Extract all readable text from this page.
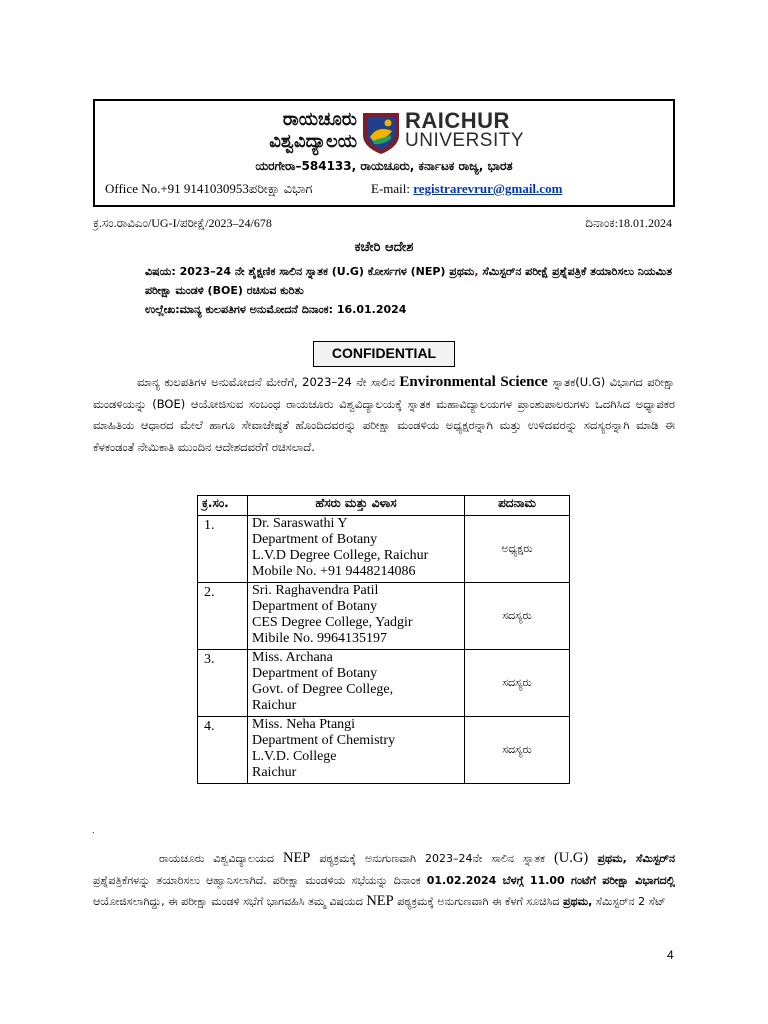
ರಾಯಚೂರು ವಿಶ್ವವಿದ್ಯಾಲಯ
RAICHUR
UNIVERSITY
ಯರಗೇರಾ–584133, ರಾಯಚೂರು, ಕರ್ನಾಟಕ ರಾಜ್ಯ, ಭಾರತ
Office No.+91 9141030953ಪರೀಕ್ಷಾ ವಿಭಾಗ	E-mail: registrarevrur@gmail.com
ಕ್ರ.ಸಂ.ರಾವಿಎಂ/UG-I/ಪರೀಕ್ಷೆ/2023–24/678	ದಿನಾಂಕ:18.01.2024
ಕಚೇರಿ ಆದೇಶ
ವಿಷಯ: 2023–24 ನೇ ಶೈಕ್ಷಣಿಕ ಸಾಲಿನ ಸ್ನಾತಕ (U.G) ಕೋರ್ಸಗಳ (NEP) ಪ್ರಥಮ, ಸೆಮಿಸ್ಟರ್‌ನ ಪರೀಕ್ಷೆ ಪ್ರಶ್ನೆಪತ್ರಿಕೆ ತಯಾರಿಸಲು ನಿಯಮಿತ ಪರೀಕ್ಷಾ ಮಂಡಳಿ (BOE) ರಚಿಸುವ ಕುರಿತು
ಉಲ್ಲೇಖ:ಮಾನ್ಯ ಕುಲಪತಿಗಳ ಅನುಮೋದನೆ ದಿನಾಂಕ: 16.01.2024
CONFIDENTIAL
ಮಾನ್ಯ ಕುಲಪತಿಗಳ ಅನುಮೋದನೆ ಮೇರೆಗೆ, 2023–24 ನೇ ಸಾಲಿನ Environmental Science ಸ್ನಾತಕ(U.G) ವಿಭಾಗದ ಪರೀಕ್ಷಾ ಮಂಡಳಿಯನ್ನು (BOE) ಆಯೋಜಿಸುವ ಸಂಬಂಧ ರಾಯಚೂರು ವಿಶ್ವವಿದ್ಯಾಲಯಕ್ಕೆ ಸ್ನಾತಕ ಮಹಾವಿದ್ಯಾಲಯಗಳ ಪ್ರಾಂಶುಪಾಲರುಗಳು ಒದಗಿಸಿದ ಅಧ್ಯಾಪಕರ ಮಾಹಿತಿಯ ಆಧಾರದ ಮೇಲೆ ಹಾಗೂ ಸೇವಾಜೇಷ್ಠತೆ ಹೊಂದಿದವರನ್ನು ಪರೀಕ್ಷಾ ಮಂಡಳಿಯ ಅಧ್ಯಕ್ಷರನ್ನಾಗಿ ಮತ್ತು ಉಳಿದವರನ್ನು ಸದಸ್ಯರನ್ನಾಗಿ ಮಾಡಿ ಈ ಕೆಳಕಂಡಂತೆ ನೇಮಿಕಾತಿ ಮುಂದಿನ ಆದೇಶದವರೆಗೆ ರಚಿಸಲಾದೆ.
ಕ್ರ.ಸಂ.	ಹೆಸರು ಮತ್ತು ವಿಳಾಸ	ಪದನಾಮ
1.	Dr. Saraswathi Y
Department of Botany
L.V.D Degree College, Raichur
Mobile No. +91 9448214086	ಅಧ್ಯಕ್ಷರು
2.	Sri. Raghavendra Patil
Department of Botany
CES Degree College, Yadgir
Mibile No. 9964135197	ಸದಸ್ಯರು
3.	Miss. Archana
Department of Botany
Govt. of Degree College,
Raichur	ಸದಸ್ಯರು
4.	Miss. Neha Ptangi
Department of Chemistry
L.V.D. College
Raichur	ಸದಸ್ಯರು
.
ರಾಯಚೂರು ವಿಶ್ವವಿದ್ಯಾಲಯದ NEP ಪಠ್ಯಕ್ರಮಕ್ಕೆ ಅನುಗುಣವಾಗಿ 2023–24ನೇ ಸಾಲಿನ ಸ್ನಾತಕ (U.G) ಪ್ರಥಮ, ಸೆಮಿಸ್ಟರ್‌ನ ಪ್ರಶ್ನೆಪತ್ರಿಕೆಗಳನ್ನು ತಯಾರಿಸಲು ಆಹ್ವಾನಿಸಲಾಗಿದೆ. ಪರೀಕ್ಷಾ ಮಂಡಳಿಯ ಸಭೆಯನ್ನು ದಿನಾಂಕ 01.02.2024 ಬೆಳಗ್ಗೆ 11.00 ಗಂಟೆಗೆ ಪರೀಕ್ಷಾ ವಿಭಾಗದಲ್ಲಿ ಆಯೋಜಿಸಲಾಗಿದ್ದು, ಈ ಪರೀಕ್ಷಾ ಮಂಡಳಿ ಸಭೆಗೆ ಭಾಗವಹಿಸಿ ತಮ್ಮ ವಿಷಯದ NEP ಪಠ್ಯಕ್ರಮಕ್ಕೆ ಅನುಗುಣವಾಗಿ ಈ ಕೆಳಗೆ ಸೂಚಿಸಿದ ಪ್ರಥಮ, ಸೆಮಿಸ್ಟರ್‌ನ 2 ಸೆಟ್
4
